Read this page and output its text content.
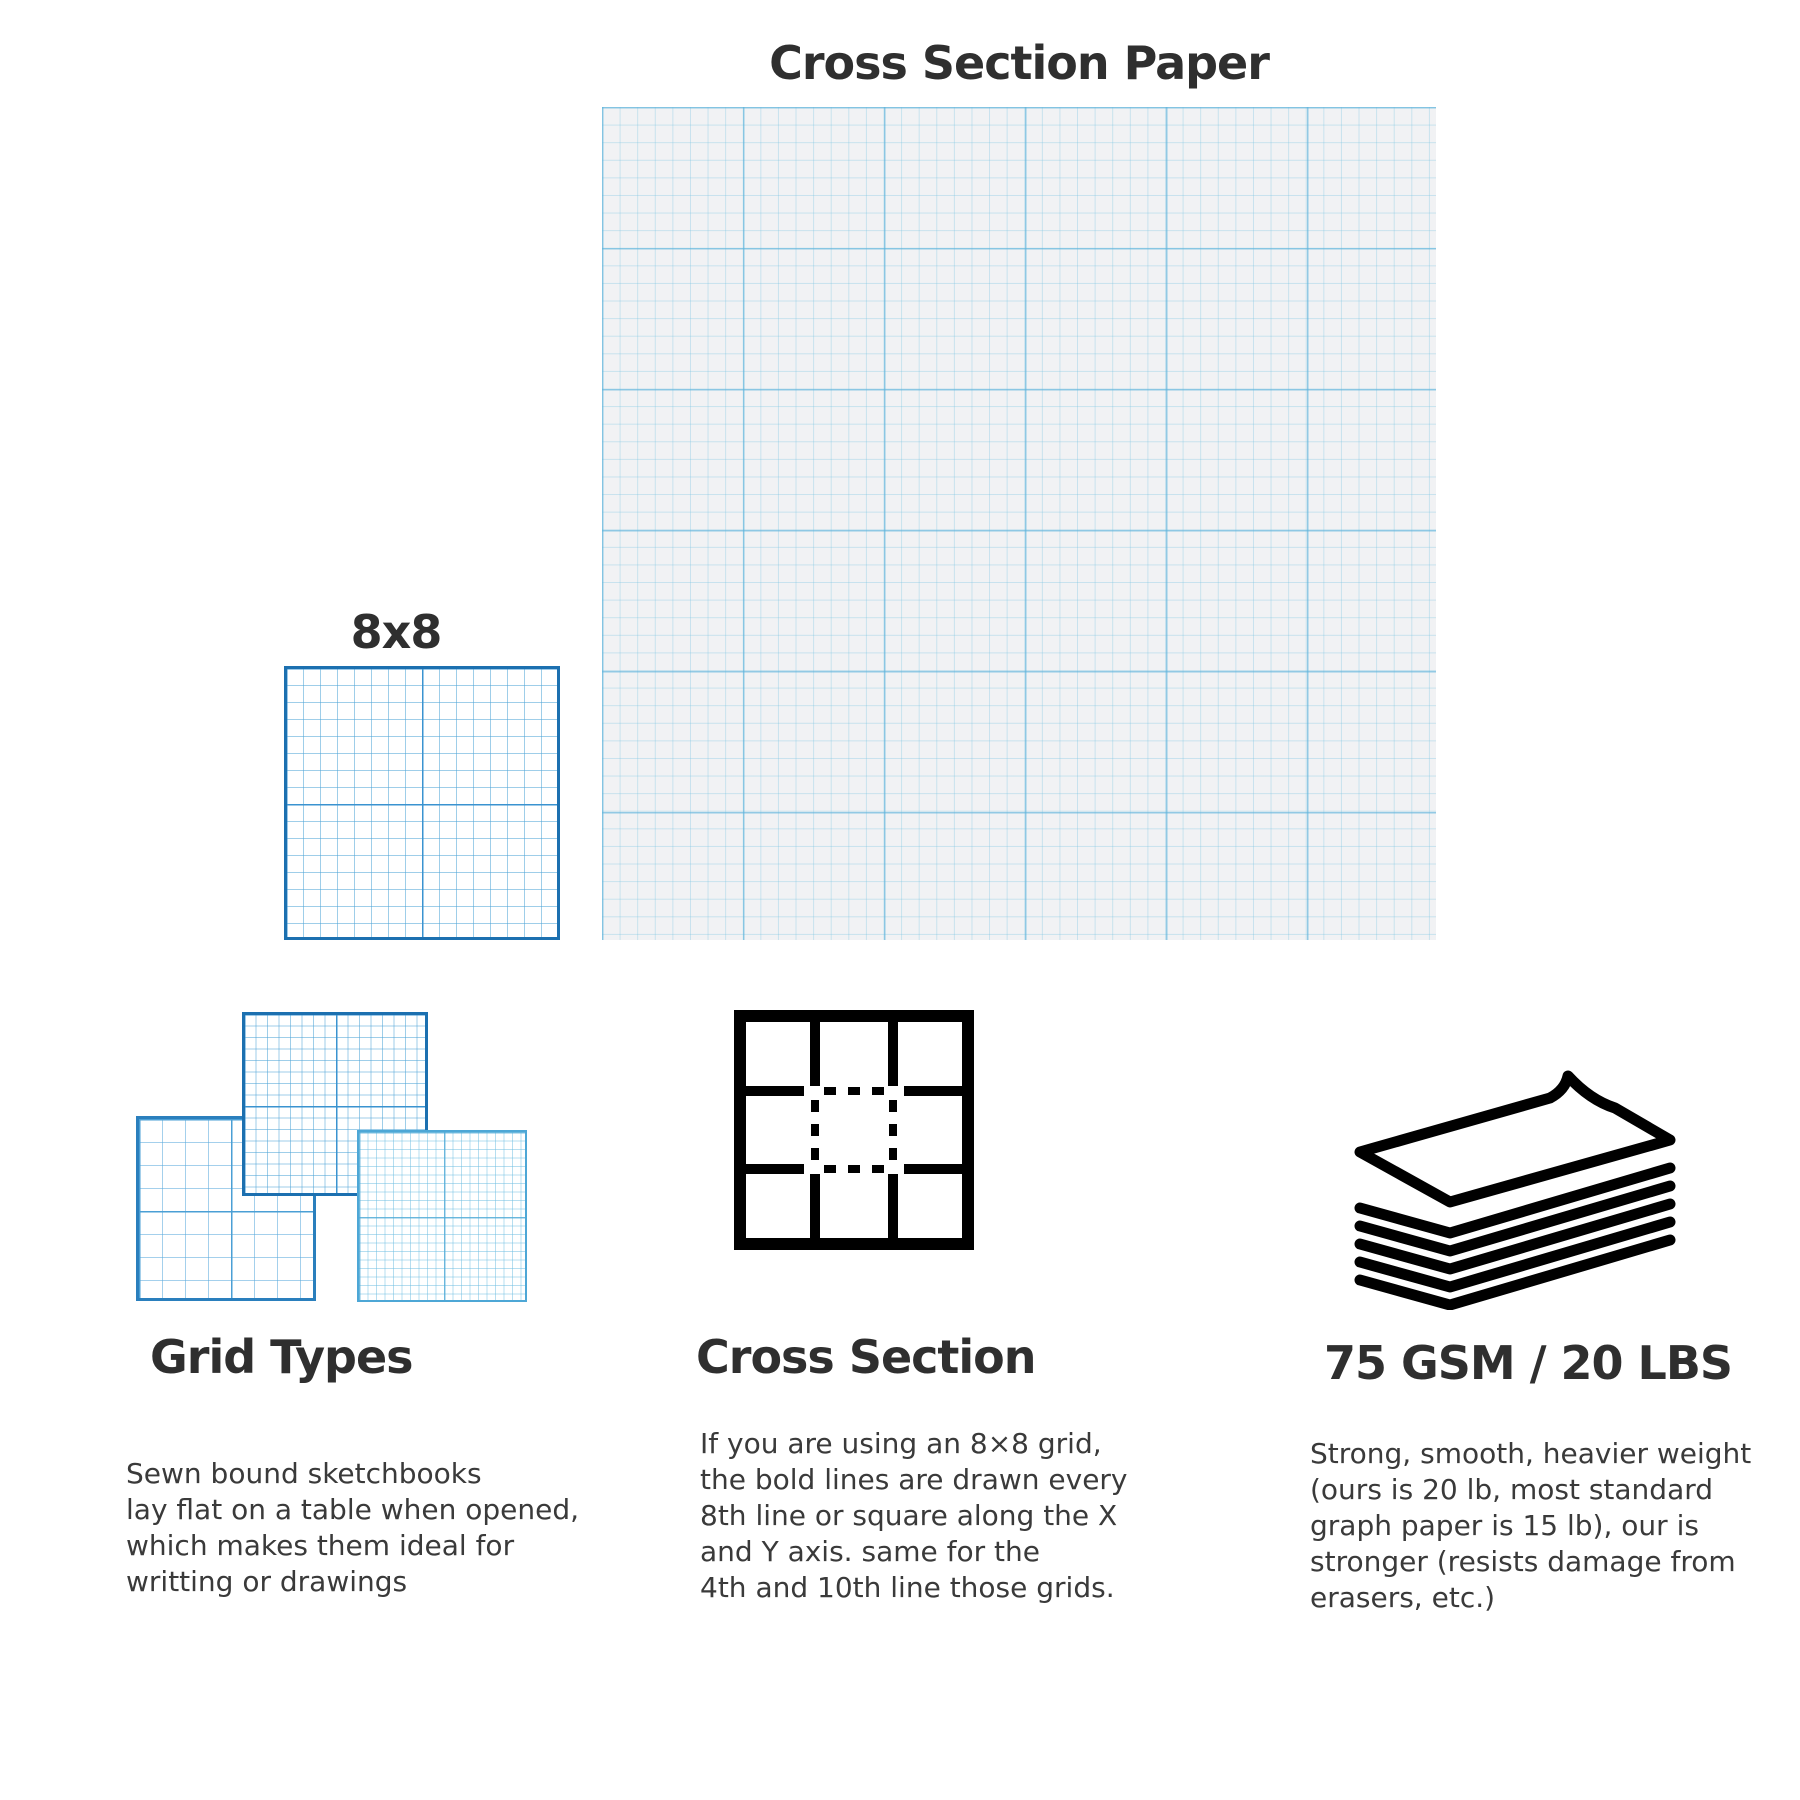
Cross Section Paper
8x8
Grid Types	Cross Section	75 GSM / 20 LBS
Sewn bound sketchbooks
lay flat on a table when opened,
which makes them ideal for
writting or drawings
If you are using an 8×8 grid,
the bold lines are drawn every
8th line or square along the X
and Y axis. same for the
4th and 10th line those grids.
Strong, smooth, heavier weight
(ours is 20 lb, most standard
graph paper is 15 lb), our is
stronger (resists damage from
erasers, etc.)
